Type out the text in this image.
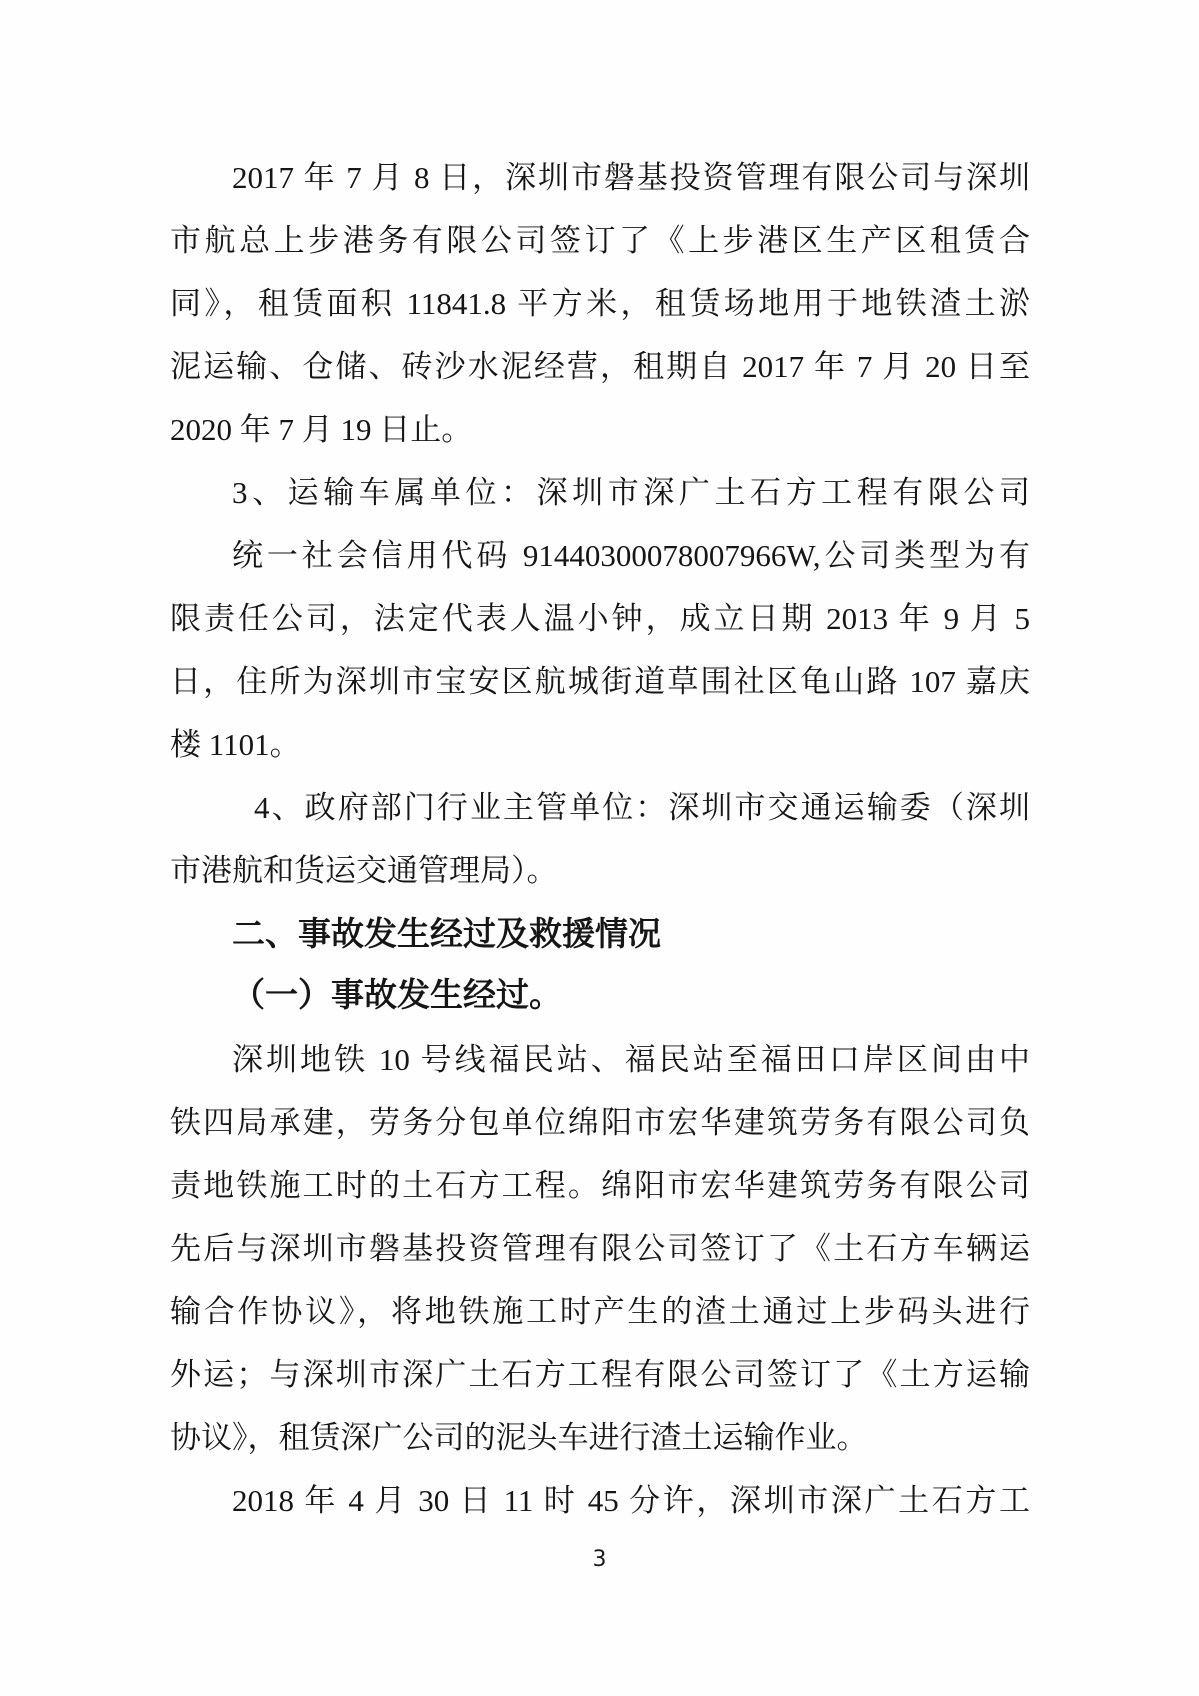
2017 年 7 月 8 日，深圳市磐基投资管理有限公司与深圳
市航总上步港务有限公司签订了《上步港区生产区租赁合
同》，租赁面积 11841.8 平方米，租赁场地用于地铁渣土淤
泥运输、仓储、砖沙水泥经营，租期自 2017 年 7 月 20 日至
2020 年 7 月 19 日止。
3、运输车属单位：深圳市深广土石方工程有限公司
统一社会信用代码 91440300078007966W,公司类型为有
限责任公司，法定代表人温小钟，成立日期 2013 年 9 月 5
日，住所为深圳市宝安区航城街道草围社区龟山路 107 嘉庆
楼 1101。
4、政府部门行业主管单位：深圳市交通运输委（深圳
市港航和货运交通管理局）。
二、事故发生经过及救援情况
（一）事故发生经过。
深圳地铁 10 号线福民站、福民站至福田口岸区间由中
铁四局承建，劳务分包单位绵阳市宏华建筑劳务有限公司负
责地铁施工时的土石方工程。绵阳市宏华建筑劳务有限公司
先后与深圳市磐基投资管理有限公司签订了《土石方车辆运
输合作协议》，将地铁施工时产生的渣土通过上步码头进行
外运；与深圳市深广土石方工程有限公司签订了《土方运输
协议》，租赁深广公司的泥头车进行渣土运输作业。
2018 年 4 月 30 日 11 时 45 分许，深圳市深广土石方工
3
